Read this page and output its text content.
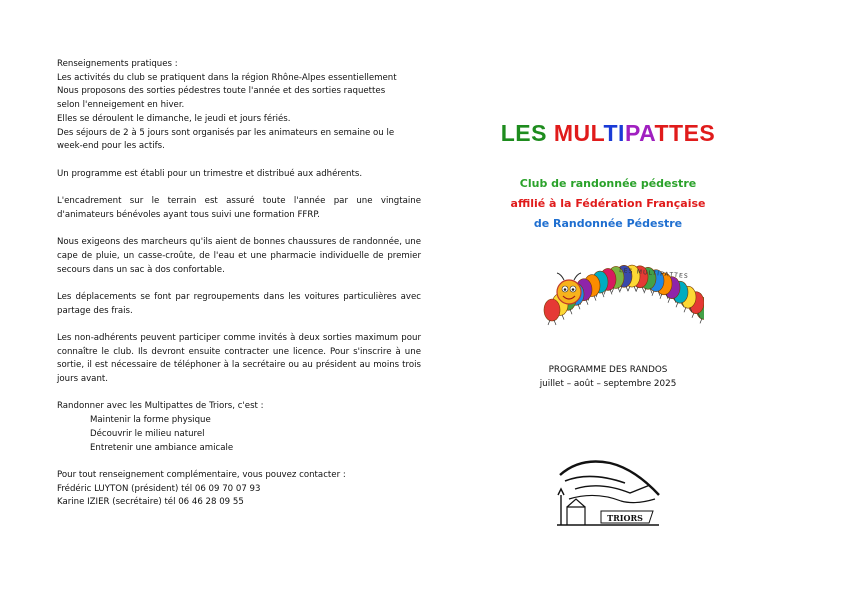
Renseignements pratiques :

Les activités du club se pratiquent dans la région Rhône-Alpes essentiellement

Nous proposons des sorties pédestres toute l'année et des sorties raquettes

selon l'enneigement en hiver.

Elles se déroulent le dimanche, le jeudi et jours fériés.

Des séjours de 2 à 5 jours sont organisés par les animateurs en semaine ou le

week-end pour les actifs.

Un programme est établi pour un trimestre et distribué aux adhérents.

L'encadrement sur le terrain est assuré toute l'année par une vingtaine d'animateurs bénévoles ayant tous suivi une formation FFRP.

Nous exigeons des marcheurs qu'ils aient de bonnes chaussures de randonnée, une cape de pluie, un casse-croûte, de l'eau et une pharmacie individuelle de premier secours dans un sac à dos confortable.

Les déplacements se font par regroupements dans les voitures particulières avec partage des frais.

Les non-adhérents peuvent participer comme invités à deux sorties maximum pour connaître le club. Ils devront ensuite contracter une licence. Pour s'inscrire à une sortie, il est nécessaire de téléphoner à la secrétaire ou au président au moins trois jours avant.

Randonner avec les Multipattes de Triors, c'est :

Maintenir la forme physique

Découvrir le milieu naturel

Entretenir une ambiance amicale

Pour tout renseignement complémentaire, vous pouvez contacter :

Frédéric LUYTON (président) tél 06 09 70 07 93

Karine IZIER (secrétaire) tél 06 46 28 09 55

LES MULTIPATTES
Club de randonnée pédestre
affilié à la Fédération Française
de Randonnée Pédestre
LES MULTIPATTES
PROGRAMME DES RANDOS
juillet – août – septembre 2025
TRIORS
